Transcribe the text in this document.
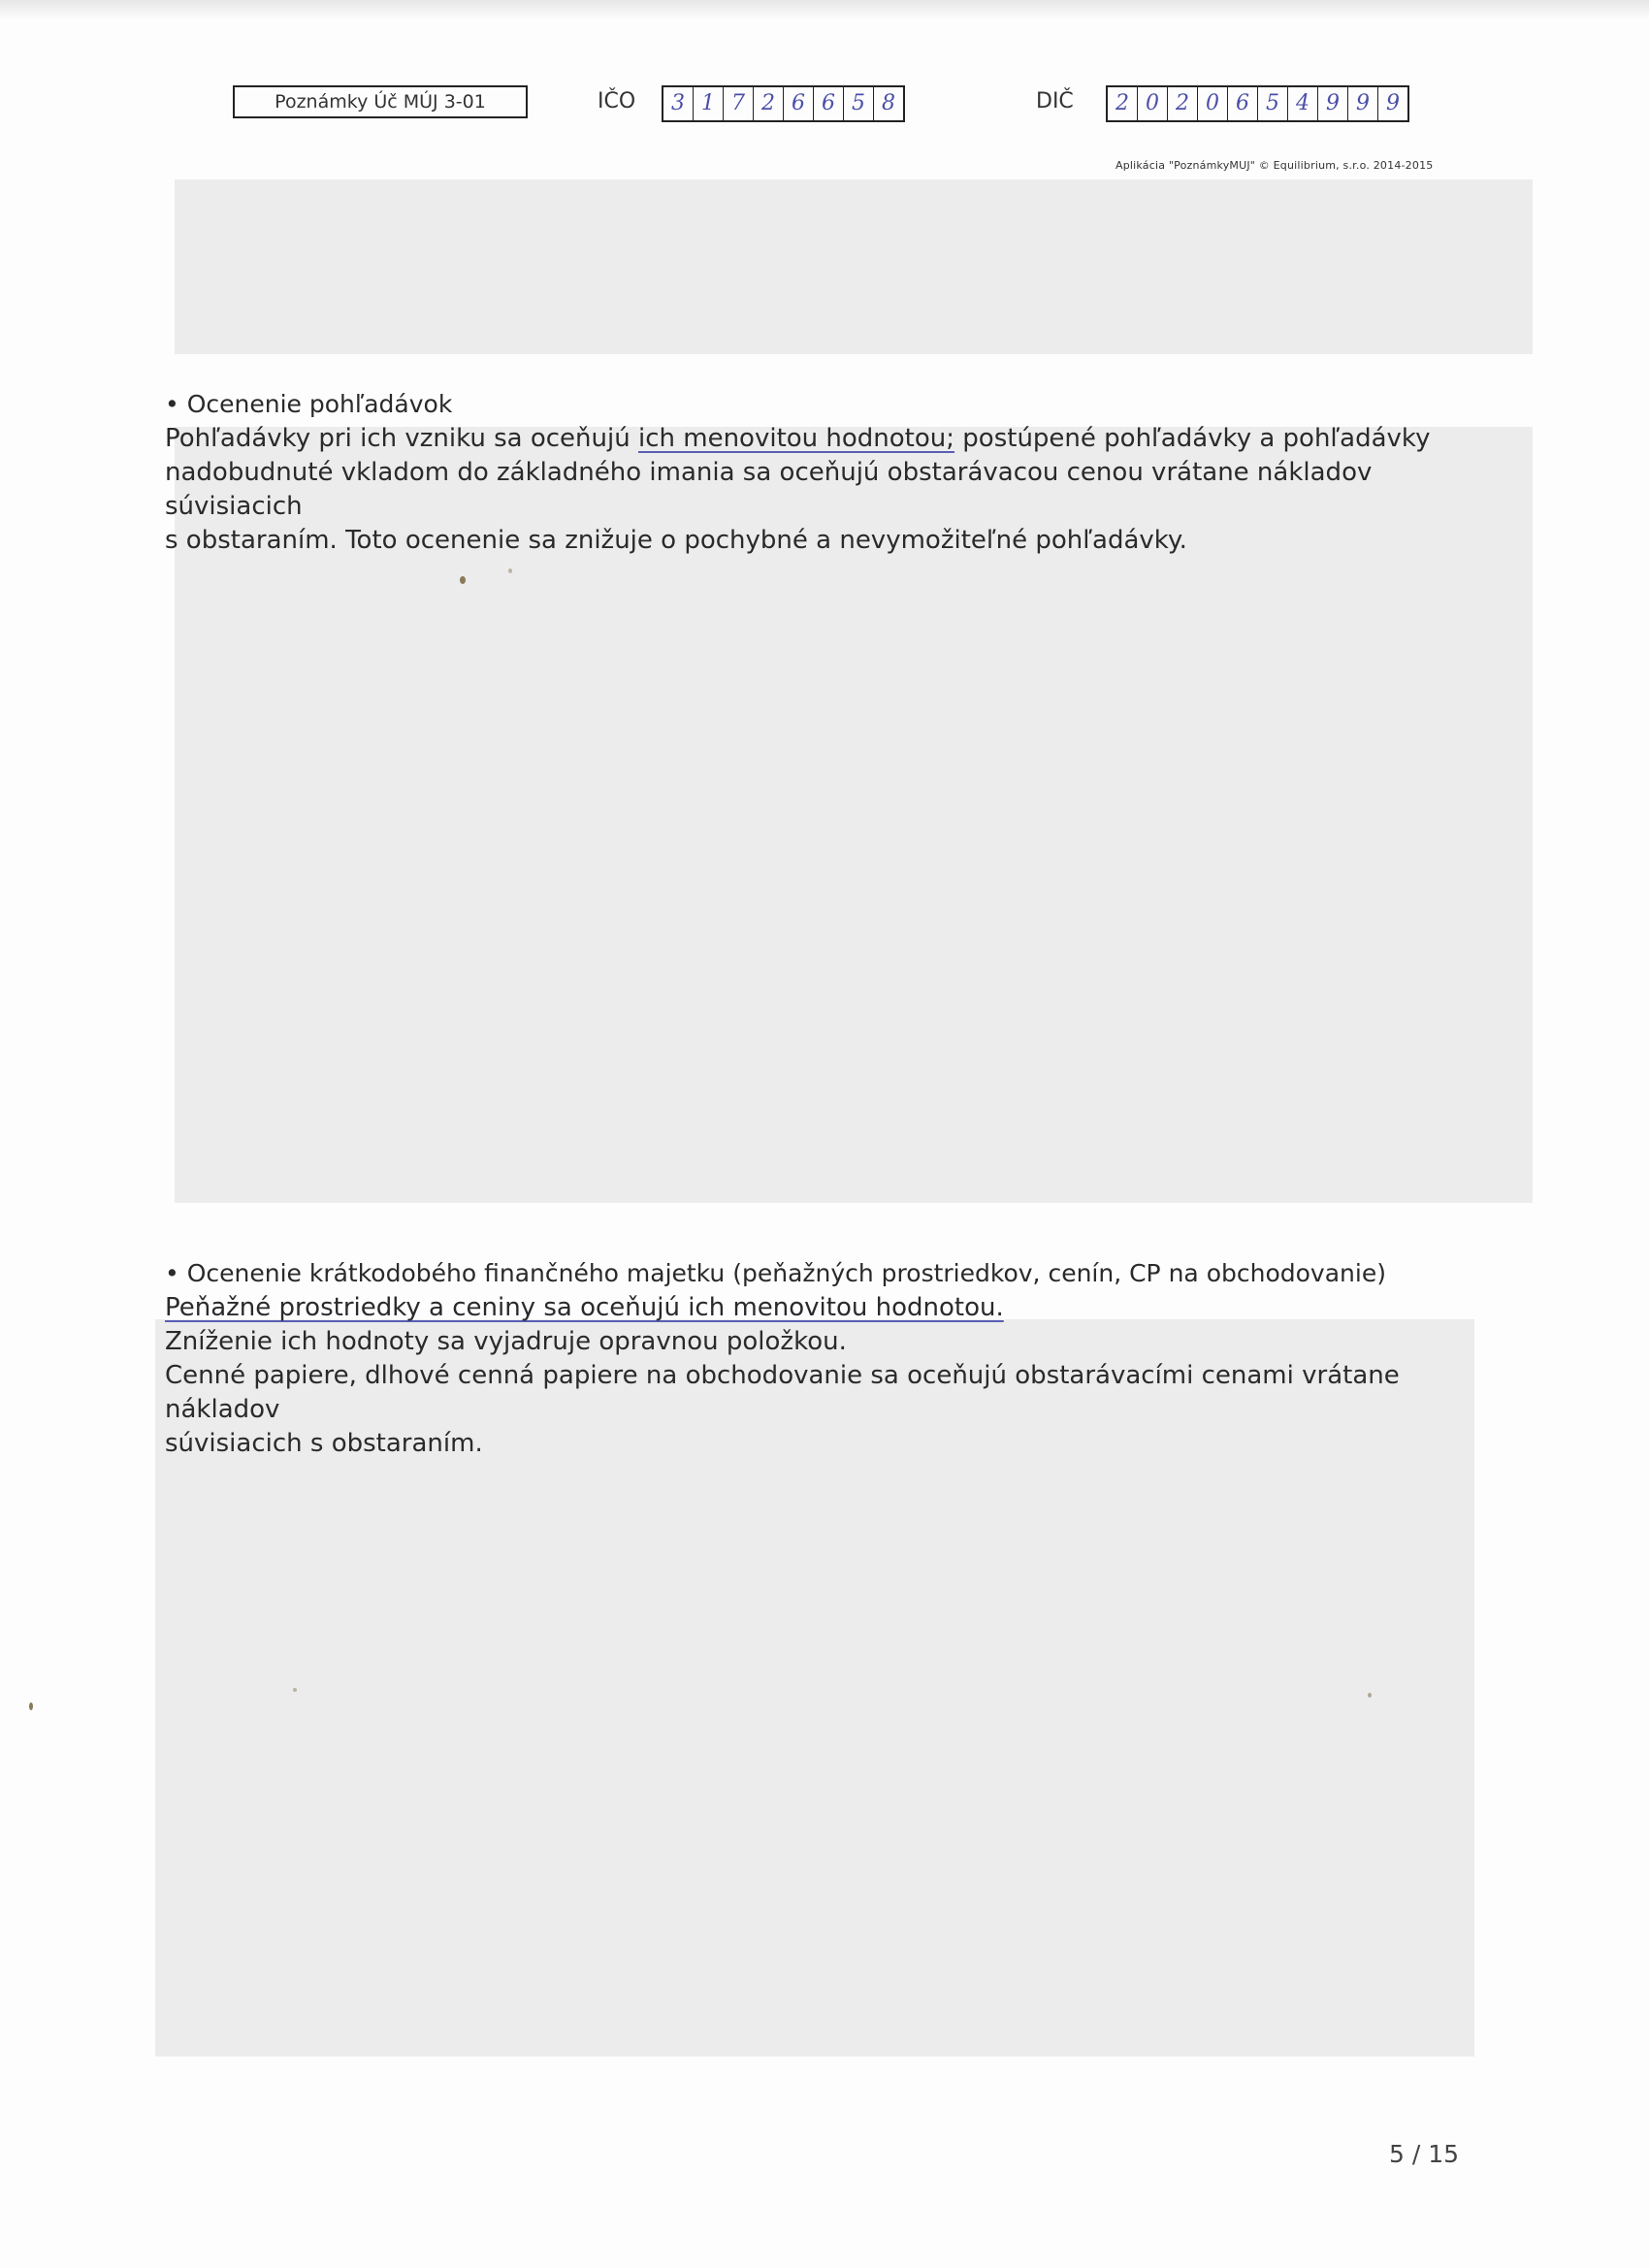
Poznámky Úč MÚJ 3-01	IČO	3 1 7 2 6 6 5 8	DIČ	2 0 2 0 6 5 4 9 9 9
Aplikácia "PoznámkyMUJ" © Equilibrium, s.r.o. 2014-2015
• Ocenenie pohľadávok

Pohľadávky pri ich vzniku sa oceňujú ich menovitou hodnotou; postúpené pohľadávky a pohľadávky
nadobudnuté vkladom do základného imania sa oceňujú obstarávacou cenou vrátane nákladov súvisiacich
s obstaraním. Toto ocenenie sa znižuje o pochybné a nevymožiteľné pohľadávky.

• Ocenenie krátkodobého finančného majetku (peňažných prostriedkov, cenín, CP na obchodovanie)

Peňažné prostriedky a ceniny sa oceňujú ich menovitou hodnotou.
Zníženie ich hodnoty sa vyjadruje opravnou položkou.
Cenné papiere, dlhové cenná papiere na obchodovanie sa oceňujú obstarávacími cenami vrátane nákladov
súvisiacich s obstaraním.

5 / 15
